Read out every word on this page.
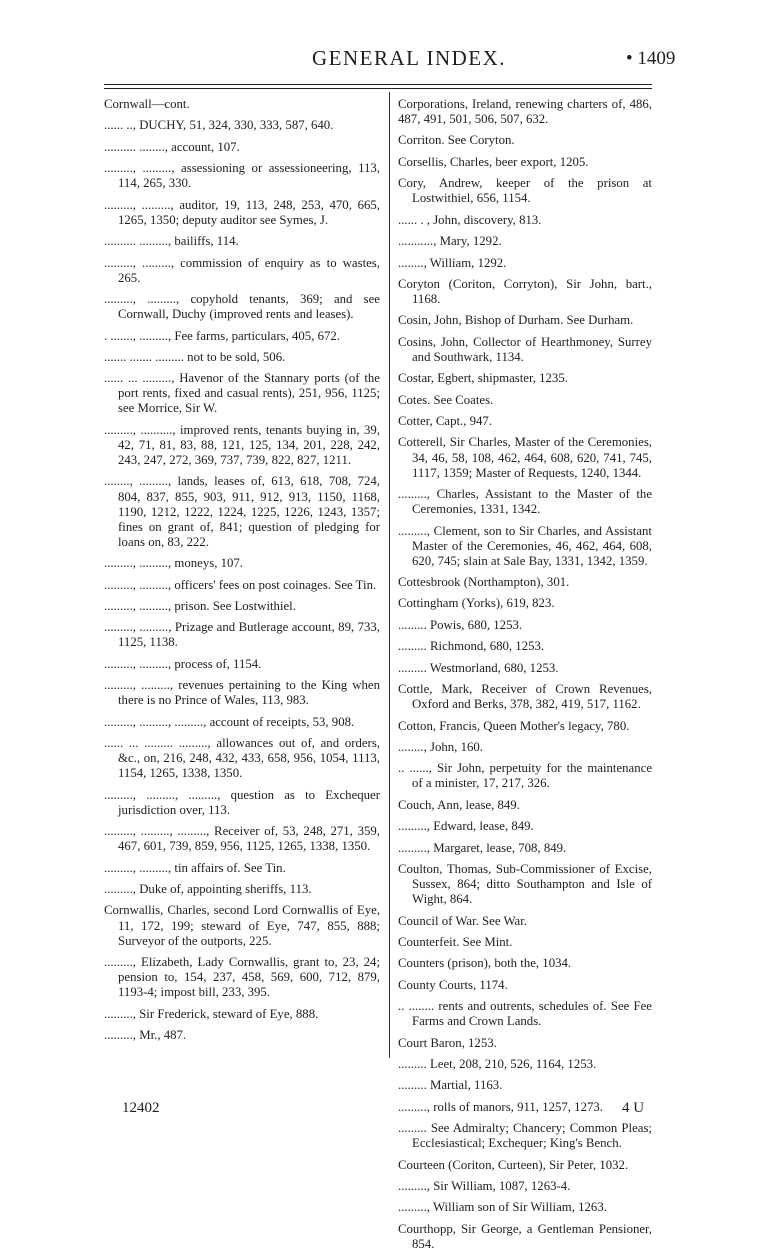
GENERAL INDEX.	• 1409

Cornwall—cont.

...... .., DUCHY, 51, 324, 330, 333, 587, 640.

.......... ........, account, 107.

........., ........., assessioning or assessioneering, 113, 114, 265, 330.

........., ........., auditor, 19, 113, 248, 253, 470, 665, 1265, 1350; deputy auditor see Symes, J.

.......... ........., bailiffs, 114.

........., ........., commission of enquiry as to wastes, 265.

........., ........., copyhold tenants, 369; and see Cornwall, Duchy (improved rents and leases).

. ......., ........., Fee farms, particulars, 405, 672.

....... ....... ......... not to be sold, 506.

...... ... ........., Havenor of the Stannary ports (of the port rents, fixed and casual rents), 251, 956, 1125; see Morrice, Sir W.

........., .........., improved rents, tenants buying in, 39, 42, 71, 81, 83, 88, 121, 125, 134, 201, 228, 242, 243, 247, 272, 369, 737, 739, 822, 827, 1211.

........, ........., lands, leases of, 613, 618, 708, 724, 804, 837, 855, 903, 911, 912, 913, 1150, 1168, 1190, 1212, 1222, 1224, 1225, 1226, 1243, 1357; fines on grant of, 841; question of pledging for loans on, 83, 222.

........., ........., moneys, 107.

........., ........., officers' fees on post coinages. See Tin.

........., ........., prison. See Lostwithiel.

........., ........., Prizage and Butlerage account, 89, 733, 1125, 1138.

........., ........., process of, 1154.

........., ........., revenues pertaining to the King when there is no Prince of Wales, 113, 983.

........., ........., ........., account of receipts, 53, 908.

...... ... ......... ........., allowances out of, and orders, &c., on, 216, 248, 432, 433, 658, 956, 1054, 1113, 1154, 1265, 1338, 1350.

........., ........., ........., question as to Exchequer jurisdiction over, 113.

........., ........., ........., Receiver of, 53, 248, 271, 359, 467, 601, 739, 859, 956, 1125, 1265, 1338, 1350.

........., ........., tin affairs of. See Tin.

........., Duke of, appointing sheriffs, 113.

Cornwallis, Charles, second Lord Cornwallis of Eye, 11, 172, 199; steward of Eye, 747, 855, 888; Surveyor of the outports, 225.

........., Elizabeth, Lady Cornwallis, grant to, 23, 24; pension to, 154, 237, 458, 569, 600, 712, 879, 1193-4; impost bill, 233, 395.

........., Sir Frederick, steward of Eye, 888.

........., Mr., 487.

Corporations, Ireland, renewing charters of, 486, 487, 491, 501, 506, 507, 632.

Corriton. See Coryton.

Corsellis, Charles, beer export, 1205.

Cory, Andrew, keeper of the prison at Lostwithiel, 656, 1154.

...... . , John, discovery, 813.

..........., Mary, 1292.

........, William, 1292.

Coryton (Coriton, Corryton), Sir John, bart., 1168.

Cosin, John, Bishop of Durham. See Durham.

Cosins, John, Collector of Hearthmoney, Surrey and Southwark, 1134.

Costar, Egbert, shipmaster, 1235.

Cotes. See Coates.

Cotter, Capt., 947.

Cotterell, Sir Charles, Master of the Ceremonies, 34, 46, 58, 108, 462, 464, 608, 620, 741, 745, 1117, 1359; Master of Requests, 1240, 1344.

........., Charles, Assistant to the Master of the Ceremonies, 1331, 1342.

........., Clement, son to Sir Charles, and Assistant Master of the Ceremonies, 46, 462, 464, 608, 620, 745; slain at Sale Bay, 1331, 1342, 1359.

Cottesbrook (Northampton), 301.

Cottingham (Yorks), 619, 823.

......... Powis, 680, 1253.

......... Richmond, 680, 1253.

......... Westmorland, 680, 1253.

Cottle, Mark, Receiver of Crown Revenues, Oxford and Berks, 378, 382, 419, 517, 1162.

Cotton, Francis, Queen Mother's legacy, 780.

........, John, 160.

.. ......, Sir John, perpetuity for the maintenance of a minister, 17, 217, 326.

Couch, Ann, lease, 849.

........., Edward, lease, 849.

........., Margaret, lease, 708, 849.

Coulton, Thomas, Sub-Commissioner of Excise, Sussex, 864; ditto Southampton and Isle of Wight, 864.

Council of War. See War.

Counterfeit. See Mint.

Counters (prison), both the, 1034.

County Courts, 1174.

.. ........ rents and outrents, schedules of. See Fee Farms and Crown Lands.

Court Baron, 1253.

......... Leet, 208, 210, 526, 1164, 1253.

......... Martial, 1163.

........., rolls of manors, 911, 1257, 1273.

......... See Admiralty; Chancery; Common Pleas; Ecclesiastical; Exchequer; King's Bench.

Courteen (Coriton, Curteen), Sir Peter, 1032.

........., Sir William, 1087, 1263-4.

........., William son of Sir William, 1263.

Courthopp, Sir George, a Gentleman Pensioner, 854.

12402	4 U
